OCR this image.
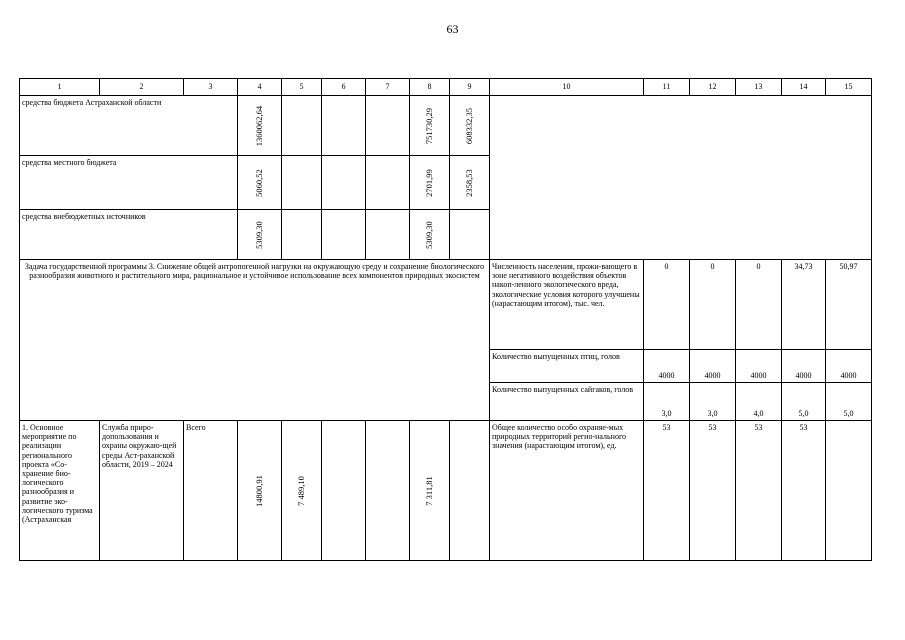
63
1	2	3	4	5	6	7	8	9	10	11	12	13	14	15
средства бюджета Астраханской области			1360062,64				751730,29	608332,35						

средства местного бюджета			5060,52				2701,99	2358,53						

средства внебюджетных источников			5309,30				5309,30							

Задача государственной программы 3. Снижение общей антропогенной нагрузки на окружающую среду и сохранение биологического разнообразия животного и растительного мира, рациональное и устойчивое использование всех компонентов природных экосистем									Численность населения, прожи-вающего в зоне негативного воздействия объектов накоп-ленного экологического вреда, экологические условия которого улучшены (нарастающим итогом), тыс. чел.	0	0	0	34,73	50,97
									Количество выпущенных птиц, голов	4000	4000	4000	4000	4000
									Количество выпущенных сайгаков, голов	3,0	3,0	4,0	5,0	5,0
1. Основное мероприятие по реализации регионального проекта «Со-хранение био-логического разнообразия и развитие эко-логического туризма (Астраханская	Служба приро-допользования и охраны окружаю-щей среды Аст-раханской области, 2019 – 2024	Всего	14800,91	7 489,10			7 311,81		Общее количество особо охраняе-мых природных территорий регио-нального значения (нарастающим итогом), ед.	53	53	53	53	
